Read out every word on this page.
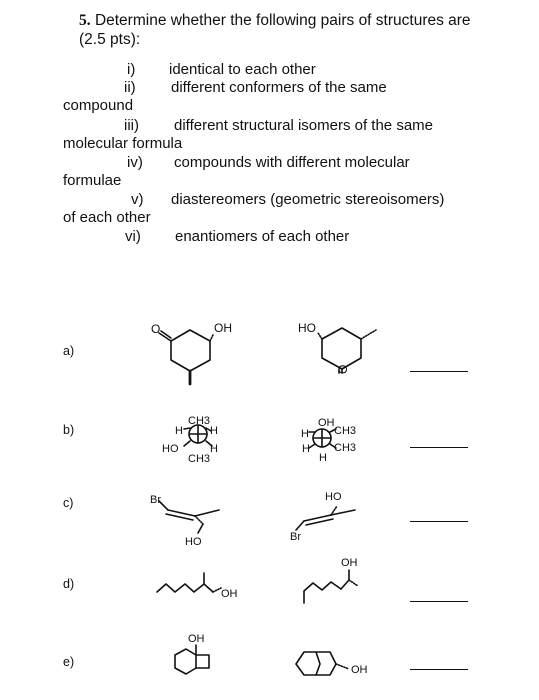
5. Determine whether the following pairs of structures are (2.5 pts):
i) identical to each other
ii) different conformers of the same
compound
iii) different structural isomers of the same
molecular formula
iv) compounds with different molecular
formulae
v) diastereomers (geometric stereoisomers)
of each other
vi) enantiomers of each other
a)
b)
c)
d)
e)
O	OH	HO
O
CH3
H H
HO
CH3
H
OH
H CH3
H
H
CH3
Br
HO	Br
HO
OH
OH
OH
OH
